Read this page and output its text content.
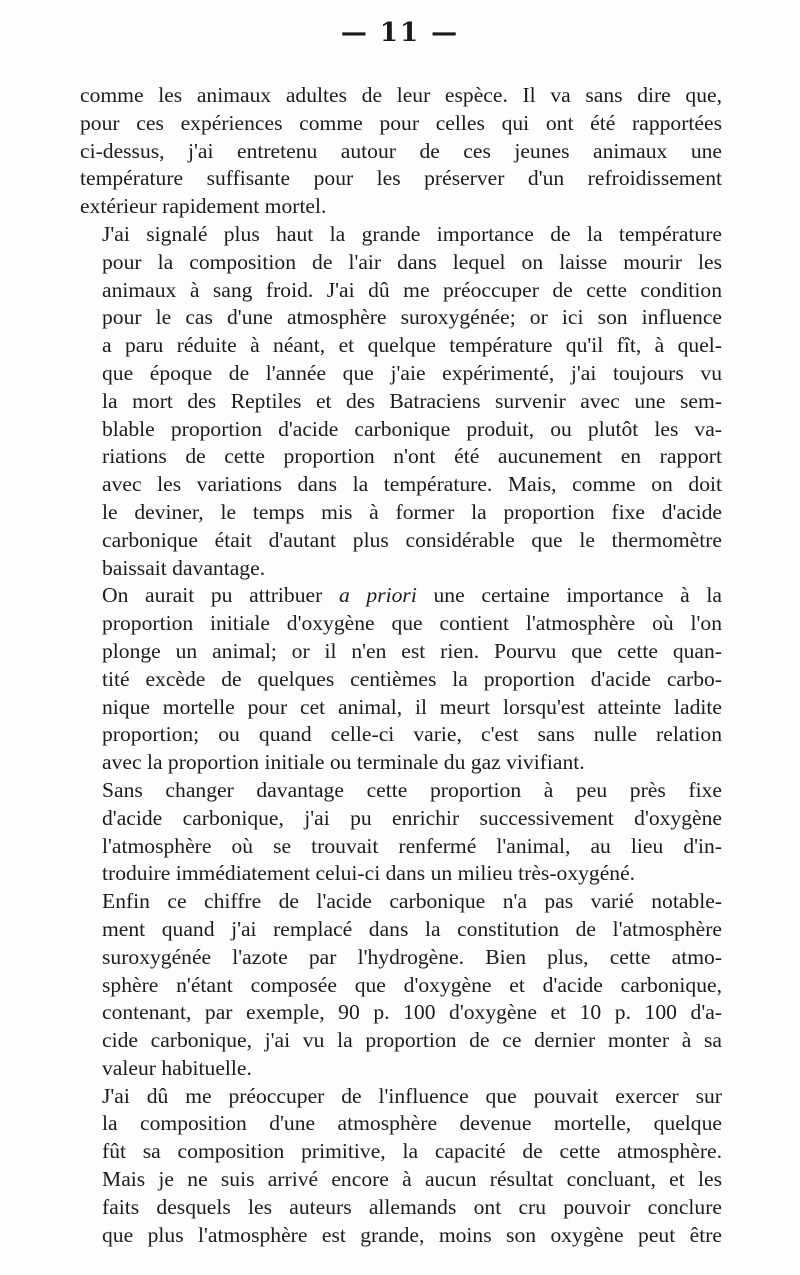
— 11 —
comme les animaux adultes de leur espèce. Il va sans dire que,
pour ces expériences comme pour celles qui ont été rapportées
ci-dessus, j'ai entretenu autour de ces jeunes animaux une
température suffisante pour les préserver d'un refroidissement
extérieur rapidement mortel.
J'ai signalé plus haut la grande importance de la température
pour la composition de l'air dans lequel on laisse mourir les
animaux à sang froid. J'ai dû me préoccuper de cette condition
pour le cas d'une atmosphère suroxygénée; or ici son influence
a paru réduite à néant, et quelque température qu'il fît, à quel-
que époque de l'année que j'aie expérimenté, j'ai toujours vu
la mort des Reptiles et des Batraciens survenir avec une sem-
blable proportion d'acide carbonique produit, ou plutôt les va-
riations de cette proportion n'ont été aucunement en rapport
avec les variations dans la température. Mais, comme on doit
le deviner, le temps mis à former la proportion fixe d'acide
carbonique était d'autant plus considérable que le thermomètre
baissait davantage.
On aurait pu attribuer a priori une certaine importance à la
proportion initiale d'oxygène que contient l'atmosphère où l'on
plonge un animal; or il n'en est rien. Pourvu que cette quan-
tité excède de quelques centièmes la proportion d'acide carbo-
nique mortelle pour cet animal, il meurt lorsqu'est atteinte ladite
proportion; ou quand celle-ci varie, c'est sans nulle relation
avec la proportion initiale ou terminale du gaz vivifiant.
Sans changer davantage cette proportion à peu près fixe
d'acide carbonique, j'ai pu enrichir successivement d'oxygène
l'atmosphère où se trouvait renfermé l'animal, au lieu d'in-
troduire immédiatement celui-ci dans un milieu très-oxygéné.
Enfin ce chiffre de l'acide carbonique n'a pas varié notable-
ment quand j'ai remplacé dans la constitution de l'atmosphère
suroxygénée l'azote par l'hydrogène. Bien plus, cette atmo-
sphère n'étant composée que d'oxygène et d'acide carbonique,
contenant, par exemple, 90 p. 100 d'oxygène et 10 p. 100 d'a-
cide carbonique, j'ai vu la proportion de ce dernier monter à sa
valeur habituelle.
J'ai dû me préoccuper de l'influence que pouvait exercer sur
la composition d'une atmosphère devenue mortelle, quelque
fût sa composition primitive, la capacité de cette atmosphère.
Mais je ne suis arrivé encore à aucun résultat concluant, et les
faits desquels les auteurs allemands ont cru pouvoir conclure
que plus l'atmosphère est grande, moins son oxygène peut être
